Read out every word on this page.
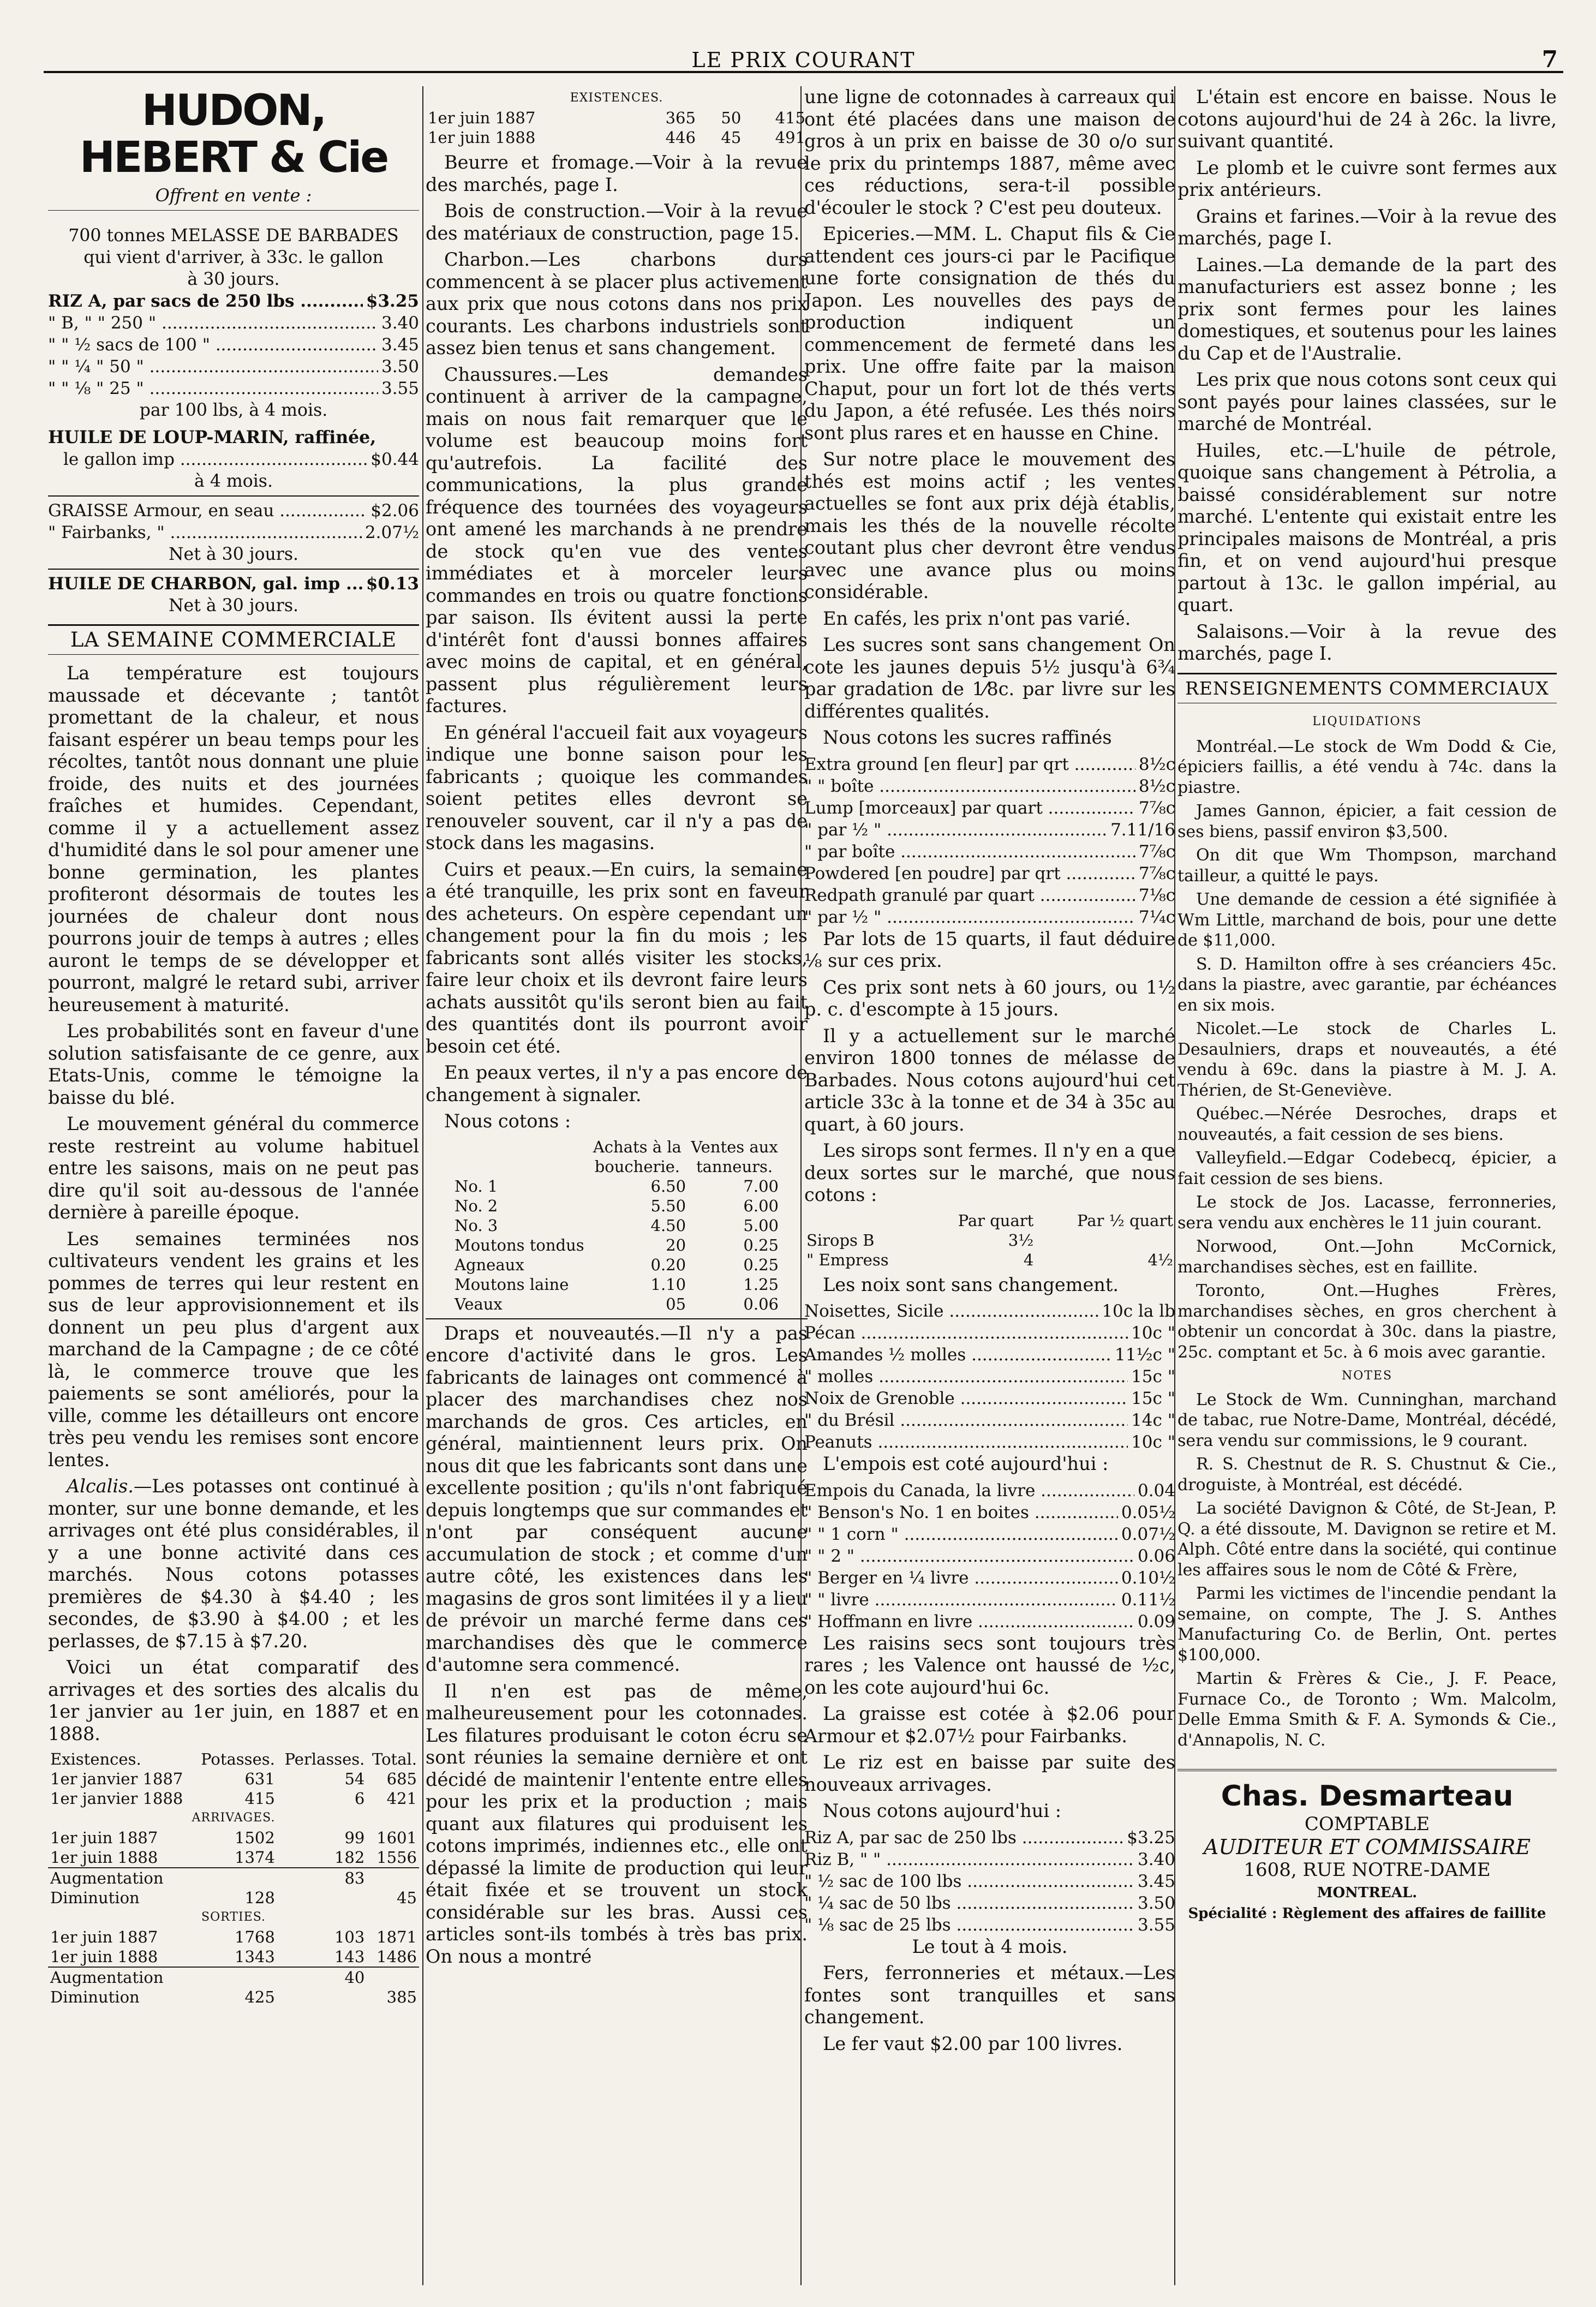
LE PRIX COURANT	7
HUDON, HEBERT & Cie
Offrent en vente :

700 tonnes MELASSE DE BARBADES

qui vient d'arriver, à 33c. le gallon

à 30 jours.

RIZ A, par sacs de 250 lbs .....	$3.25
" B, " " 250 " .....	3.40
" " ½ sacs de 100 " .....	3.45
" " ¼ " 50 " .....	3.50
" " ⅛ " 25 " .....	3.55

par 100 lbs, à 4 mois.

HUILE DE LOUP-MARIN, raffinée,

le gallon imp .....	$0.44

à 4 mois.

GRAISSE Armour, en seau .....	$2.06
" Fairbanks, " .....	2.07½

Net à 30 jours.

HUILE DE CHARBON, gal. imp .....	$0.13

Net à 30 jours.

LA SEMAINE COMMERCIALE

La température est toujours maussade et décevante ; tantôt promettant de la chaleur, et nous faisant espérer un beau temps pour les récoltes, tantôt nous donnant une pluie froide, des nuits et des journées fraîches et humides. Cependant, comme il y a actuellement assez d'humidité dans le sol pour amener une bonne germination, les plantes profiteront désormais de toutes les journées de chaleur dont nous pourrons jouir de temps à autres ; elles auront le temps de se développer et pourront, malgré le retard subi, arriver heureusement à maturité.

Les probabilités sont en faveur d'une solution satisfaisante de ce genre, aux Etats-Unis, comme le témoigne la baisse du blé.

Le mouvement général du commerce reste restreint au volume habituel entre les saisons, mais on ne peut pas dire qu'il soit au-dessous de l'année dernière à pareille époque.

Les semaines terminées nos cultivateurs vendent les grains et les pommes de terres qui leur restent en sus de leur approvisionnement et ils donnent un peu plus d'argent aux marchand de la Campagne ; de ce côté là, le commerce trouve que les paiements se sont améliorés, pour la ville, comme les détailleurs ont encore très peu vendu les remises sont encore lentes.

Alcalis.—Les potasses ont continué à monter, sur une bonne demande, et les arrivages ont été plus considérables, il y a une bonne activité dans ces marchés. Nous cotons potasses premières de $4.30 à $4.40 ; les secondes, de $3.90 à $4.00 ; et les perlasses, de $7.15 à $7.20.

Voici un état comparatif des arrivages et des sorties des alcalis du 1er janvier au 1er juin, en 1887 et en 1888.

Existences.	Potasses.	Perlasses.	Total.
1er janvier 1887	631	54	685
1er janvier 1888	415	6	421
ARRIVAGES.			
1er juin 1887	1502	99	1601
1er juin 1888	1374	182	1556
Augmentation		83	
Diminution	128		45
SORTIES.			
1er juin 1887	1768	103	1871
1er juin 1888	1343	143	1486
Augmentation		40	
Diminution	425		385
EXISTENCES.			
1er juin 1887	365	50	415
1er juin 1888	446	45	491

Beurre et fromage.—Voir à la revue des marchés, page I.

Bois de construction.—Voir à la revue des matériaux de construction, page 15.

Charbon.—Les charbons durs commencent à se placer plus activement aux prix que nous cotons dans nos prix courants. Les charbons industriels sont assez bien tenus et sans changement.

Chaussures.—Les demandes continuent à arriver de la campagne, mais on nous fait remarquer que le volume est beaucoup moins fort qu'autrefois. La facilité des communications, la plus grande fréquence des tournées des voyageurs ont amené les marchands à ne prendre de stock qu'en vue des ventes immédiates et à morceler leurs commandes en trois ou quatre fonctions par saison. Ils évitent aussi la perte d'intérêt font d'aussi bonnes affaires avec moins de capital, et en général, passent plus régulièrement leurs factures.

En général l'accueil fait aux voyageurs indique une bonne saison pour les fabricants ; quoique les commandes soient petites elles devront se renouveler souvent, car il n'y a pas de stock dans les magasins.

Cuirs et peaux.—En cuirs, la semaine a été tranquille, les prix sont en faveur des acheteurs. On espère cependant un changement pour la fin du mois ; les fabricants sont allés visiter les stocks, faire leur choix et ils devront faire leurs achats aussitôt qu'ils seront bien au fait des quantités dont ils pourront avoir besoin cet été.

En peaux vertes, il n'y a pas encore de changement à signaler.

Nous cotons :

	Achats à la boucherie.	Ventes aux tanneurs.
No. 1	6.50	7.00
No. 2	5.50	6.00
No. 3	4.50	5.00
Moutons tondus	20	0.25
Agneaux	0.20	0.25
Moutons laine	1.10	1.25
Veaux	05	0.06

Draps et nouveautés.—Il n'y a pas encore d'activité dans le gros. Les fabricants de lainages ont commencé à placer des marchandises chez nos marchands de gros. Ces articles, en général, maintiennent leurs prix. On nous dit que les fabricants sont dans une excellente position ; qu'ils n'ont fabriqué depuis longtemps que sur commandes et n'ont par conséquent aucune accumulation de stock ; et comme d'un autre côté, les existences dans les magasins de gros sont limitées il y a lieu de prévoir un marché ferme dans ces marchandises dès que le commerce d'automne sera commencé.

Il n'en est pas de même, malheureusement pour les cotonnades. Les filatures produisant le coton écru se sont réunies la semaine dernière et ont décidé de maintenir l'entente entre elles pour les prix et la production ; mais quant aux filatures qui produisent les cotons imprimés, indiennes etc., elle ont dépassé la limite de production qui leur était fixée et se trouvent un stock considérable sur les bras. Aussi ces articles sont-ils tombés à très bas prix. On nous a montré

une ligne de cotonnades à carreaux qui ont été placées dans une maison de gros à un prix en baisse de 30 o/o sur le prix du printemps 1887, même avec ces réductions, sera-t-il possible d'écouler le stock ? C'est peu douteux.

Epiceries.—MM. L. Chaput fils & Cie attendent ces jours-ci par le Pacifique une forte consignation de thés du Japon. Les nouvelles des pays de production indiquent un commencement de fermeté dans les prix. Une offre faite par la maison Chaput, pour un fort lot de thés verts du Japon, a été refusée. Les thés noirs sont plus rares et en hausse en Chine.

Sur notre place le mouvement des thés est moins actif ; les ventes actuelles se font aux prix déjà établis, mais les thés de la nouvelle récolte coutant plus cher devront être vendus avec une avance plus ou moins considérable.

En cafés, les prix n'ont pas varié.

Les sucres sont sans changement On cote les jaunes depuis 5½ jusqu'à 6¾ par gradation de 1⁄8c. par livre sur les différentes qualités.

Nous cotons les sucres raffinés

Extra ground [en fleur] par qrt .....	8½c
" " boîte .....	8½c
Lump [morceaux] par quart .....	7⅞c
" par ½ " .....	7.11/16
" par boîte .....	7⅞c
Powdered [en poudre] par qrt .....	7⅞c
Redpath granulé par quart .....	7⅛c
" par ½ " .....	7¼c

Par lots de 15 quarts, il faut déduire ⅛ sur ces prix.

Ces prix sont nets à 60 jours, ou 1½ p. c. d'escompte à 15 jours.

Il y a actuellement sur le marché environ 1800 tonnes de mélasse de Barbades. Nous cotons aujourd'hui cet article 33c à la tonne et de 34 à 35c au quart, à 60 jours.

Les sirops sont fermes. Il n'y en a que deux sortes sur le marché, que nous cotons :

	Par quart	Par ½ quart
Sirops B	3½	
" Empress	4	4½

Les noix sont sans changement.

Noisettes, Sicile .....	10c la lb
Pécan .....	10c "
Amandes ½ molles .....	11½c "
" molles .....	15c "
Noix de Grenoble .....	15c "
" du Brésil .....	14c "
Peanuts .....	10c "

L'empois est coté aujourd'hui :

Empois du Canada, la livre .....	0.04
" Benson's No. 1 en boites .....	0.05½
" " 1 corn " .....	0.07½
" " 2 " .....	0.06
" Berger en ¼ livre .....	0.10½
" " livre .....	0.11½
" Hoffmann en livre .....	0.09

Les raisins secs sont toujours très rares ; les Valence ont haussé de ½c, on les cote aujourd'hui 6c.

La graisse est cotée à $2.06 pour Armour et $2.07½ pour Fairbanks.

Le riz est en baisse par suite des nouveaux arrivages.

Nous cotons aujourd'hui :

Riz A, par sac de 250 lbs .....	$3.25
Riz B, " " .....	3.40
" ½ sac de 100 lbs .....	3.45
" ¼ sac de 50 lbs .....	3.50
" ⅛ sac de 25 lbs .....	3.55

Le tout à 4 mois.

Fers, ferronneries et métaux.—Les fontes sont tranquilles et sans changement.

Le fer vaut $2.00 par 100 livres.

L'étain est encore en baisse. Nous le cotons aujourd'hui de 24 à 26c. la livre, suivant quantité.

Le plomb et le cuivre sont fermes aux prix antérieurs.

Grains et farines.—Voir à la revue des marchés, page I.

Laines.—La demande de la part des manufacturiers est assez bonne ; les prix sont fermes pour les laines domestiques, et soutenus pour les laines du Cap et de l'Australie.

Les prix que nous cotons sont ceux qui sont payés pour laines classées, sur le marché de Montréal.

Huiles, etc.—L'huile de pétrole, quoique sans changement à Pétrolia, a baissé considérablement sur notre marché. L'entente qui existait entre les principales maisons de Montréal, a pris fin, et on vend aujourd'hui presque partout à 13c. le gallon impérial, au quart.

Salaisons.—Voir à la revue des marchés, page I.

RENSEIGNEMENTS COMMERCIAUX
LIQUIDATIONS

Montréal.—Le stock de Wm Dodd & Cie, épiciers faillis, a été vendu à 74c. dans la piastre.

James Gannon, épicier, a fait cession de ses biens, passif environ $3,500.

On dit que Wm Thompson, marchand tailleur, a quitté le pays.

Une demande de cession a été signifiée à Wm Little, marchand de bois, pour une dette de $11,000.

S. D. Hamilton offre à ses créanciers 45c. dans la piastre, avec garantie, par échéances en six mois.

Nicolet.—Le stock de Charles L. Desaulniers, draps et nouveautés, a été vendu à 69c. dans la piastre à M. J. A. Thérien, de St-Geneviève.

Québec.—Nérée Desroches, draps et nouveautés, a fait cession de ses biens.

Valleyfield.—Edgar Codebecq, épicier, a fait cession de ses biens.

Le stock de Jos. Lacasse, ferronneries, sera vendu aux enchères le 11 juin courant.

Norwood, Ont.—John McCornick, marchandises sèches, est en faillite.

Toronto, Ont.—Hughes Frères, marchandises sèches, en gros cherchent à obtenir un concordat à 30c. dans la piastre, 25c. comptant et 5c. à 6 mois avec garantie.

NOTES

Le Stock de Wm. Cunninghan, marchand de tabac, rue Notre-Dame, Montréal, décédé, sera vendu sur commissions, le 9 courant.

R. S. Chestnut de R. S. Chustnut & Cie., droguiste, à Montréal, est décédé.

La société Davignon & Côté, de St-Jean, P. Q. a été dissoute, M. Davignon se retire et M. Alph. Côté entre dans la société, qui continue les affaires sous le nom de Côté & Frère,

Parmi les victimes de l'incendie pendant la semaine, on compte, The J. S. Anthes Manufacturing Co. de Berlin, Ont. pertes $100,000.

Martin & Frères & Cie., J. F. Peace, Furnace Co., de Toronto ; Wm. Malcolm, Delle Emma Smith & F. A. Symonds & Cie., d'Annapolis, N. C.

Chas. Desmarteau
COMPTABLE
AUDITEUR ET COMMISSAIRE
1608, RUE NOTRE-DAME
MONTREAL.
Spécialité : Règlement des affaires de faillite
